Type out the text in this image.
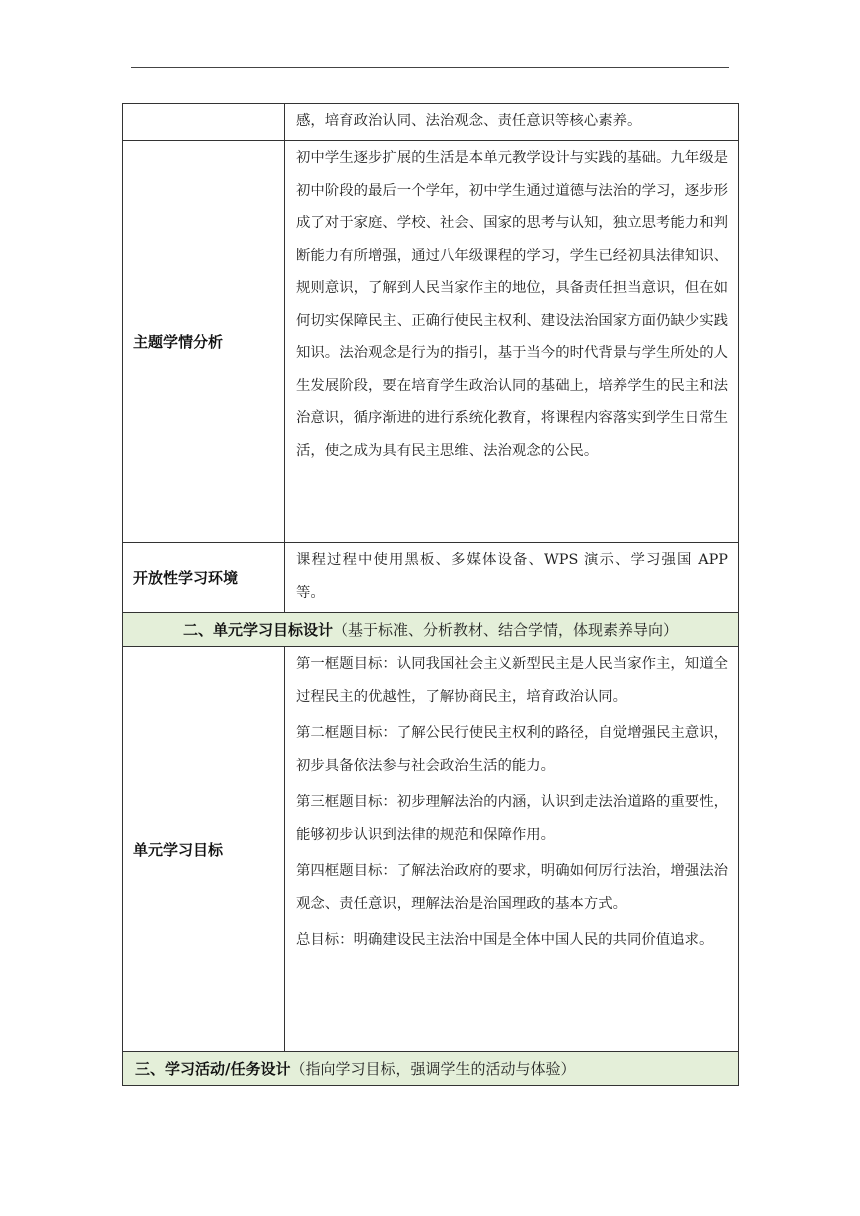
	感，培育政治认同、法治观念、责任意识等核心素养。

主题学情分析	初中学生逐步扩展的生活是本单元教学设计与实践的基础。九年级是初中阶段的最后一个学年，初中学生通过道德与法治的学习，逐步形成了对于家庭、学校、社会、国家的思考与认知，独立思考能力和判断能力有所增强，通过八年级课程的学习，学生已经初具法律知识、规则意识，了解到人民当家作主的地位，具备责任担当意识，但在如何切实保障民主、正确行使民主权利、建设法治国家方面仍缺少实践知识。法治观念是行为的指引，基于当今的时代背景与学生所处的人生发展阶段，要在培育学生政治认同的基础上，培养学生的民主和法治意识，循序渐进的进行系统化教育，将课程内容落实到学生日常生活，使之成为具有民主思维、法治观念的公民。

开放性学习环境	课程过程中使用黑板、多媒体设备、WPS 演示、学习强国 APP 等。

二、单元学习目标设计（基于标准、分析教材、结合学情，体现素养导向）	
单元学习目标	第一框题目标：认同我国社会主义新型民主是人民当家作主，知道全过程民主的优越性，了解协商民主，培育政治认同。

第二框题目标：了解公民行使民主权利的路径，自觉增强民主意识，初步具备依法参与社会政治生活的能力。

第三框题目标：初步理解法治的内涵，认识到走法治道路的重要性，能够初步认识到法律的规范和保障作用。

第四框题目标：了解法治政府的要求，明确如何厉行法治，增强法治观念、责任意识，理解法治是治国理政的基本方式。

总目标：明确建设民主法治中国是全体中国人民的共同价值追求。

三、学习活动/任务设计（指向学习目标，强调学生的活动与体验）	
